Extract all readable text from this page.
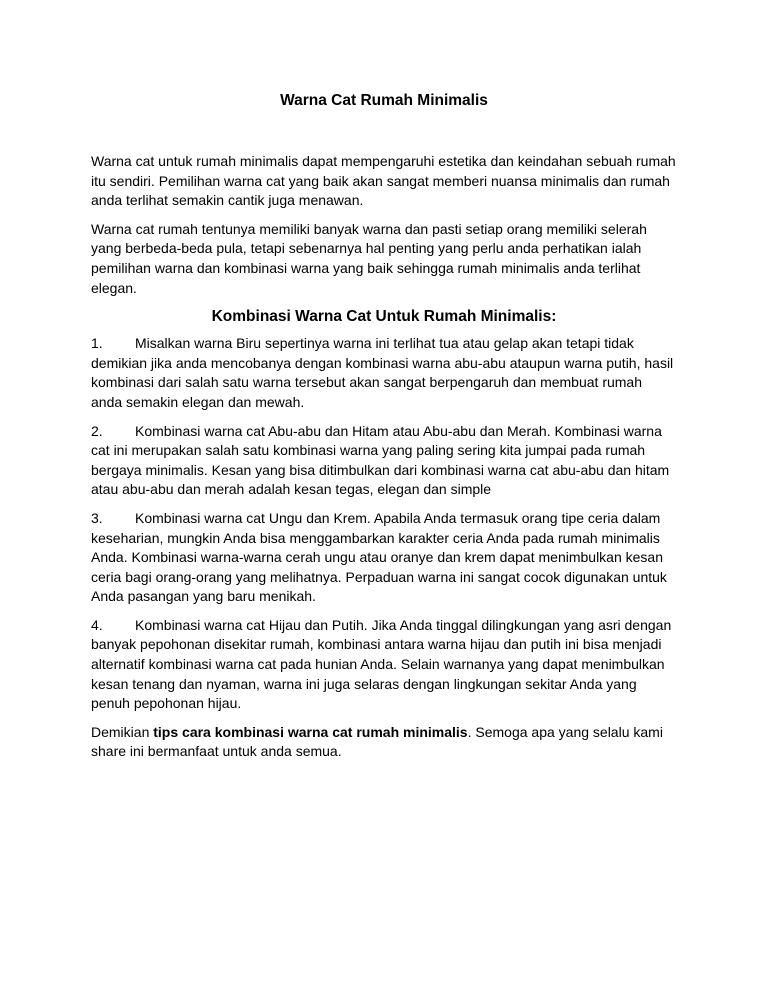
Warna Cat Rumah Minimalis

Warna cat untuk rumah minimalis dapat mempengaruhi estetika dan keindahan sebuah rumah itu sendiri. Pemilihan warna cat yang baik akan sangat memberi nuansa minimalis dan rumah anda terlihat semakin cantik juga menawan.

Warna cat rumah tentunya memiliki banyak warna dan pasti setiap orang memiliki selerah yang berbeda-beda pula, tetapi sebenarnya hal penting yang perlu anda perhatikan ialah pemilihan warna dan kombinasi warna yang baik sehingga rumah minimalis anda terlihat elegan.

Kombinasi Warna Cat Untuk Rumah Minimalis:

1. Misalkan warna Biru sepertinya warna ini terlihat tua atau gelap akan tetapi tidak demikian jika anda mencobanya dengan kombinasi warna abu-abu ataupun warna putih, hasil kombinasi dari salah satu warna tersebut akan sangat berpengaruh dan membuat rumah anda semakin elegan dan mewah.

2. Kombinasi warna cat Abu-abu dan Hitam atau Abu-abu dan Merah. Kombinasi warna cat ini merupakan salah satu kombinasi warna yang paling sering kita jumpai pada rumah bergaya minimalis. Kesan yang bisa ditimbulkan dari kombinasi warna cat abu-abu dan hitam atau abu-abu dan merah adalah kesan tegas, elegan dan simple

3. Kombinasi warna cat Ungu dan Krem. Apabila Anda termasuk orang tipe ceria dalam keseharian, mungkin Anda bisa menggambarkan karakter ceria Anda pada rumah minimalis Anda. Kombinasi warna-warna cerah ungu atau oranye dan krem dapat menimbulkan kesan ceria bagi orang-orang yang melihatnya. Perpaduan warna ini sangat cocok digunakan untuk Anda pasangan yang baru menikah.

4. Kombinasi warna cat Hijau dan Putih. Jika Anda tinggal dilingkungan yang asri dengan banyak pepohonan disekitar rumah, kombinasi antara warna hijau dan putih ini bisa menjadi alternatif kombinasi warna cat pada hunian Anda. Selain warnanya yang dapat menimbulkan kesan tenang dan nyaman, warna ini juga selaras dengan lingkungan sekitar Anda yang penuh pepohonan hijau.

Demikian tips cara kombinasi warna cat rumah minimalis. Semoga apa yang selalu kami share ini bermanfaat untuk anda semua.
